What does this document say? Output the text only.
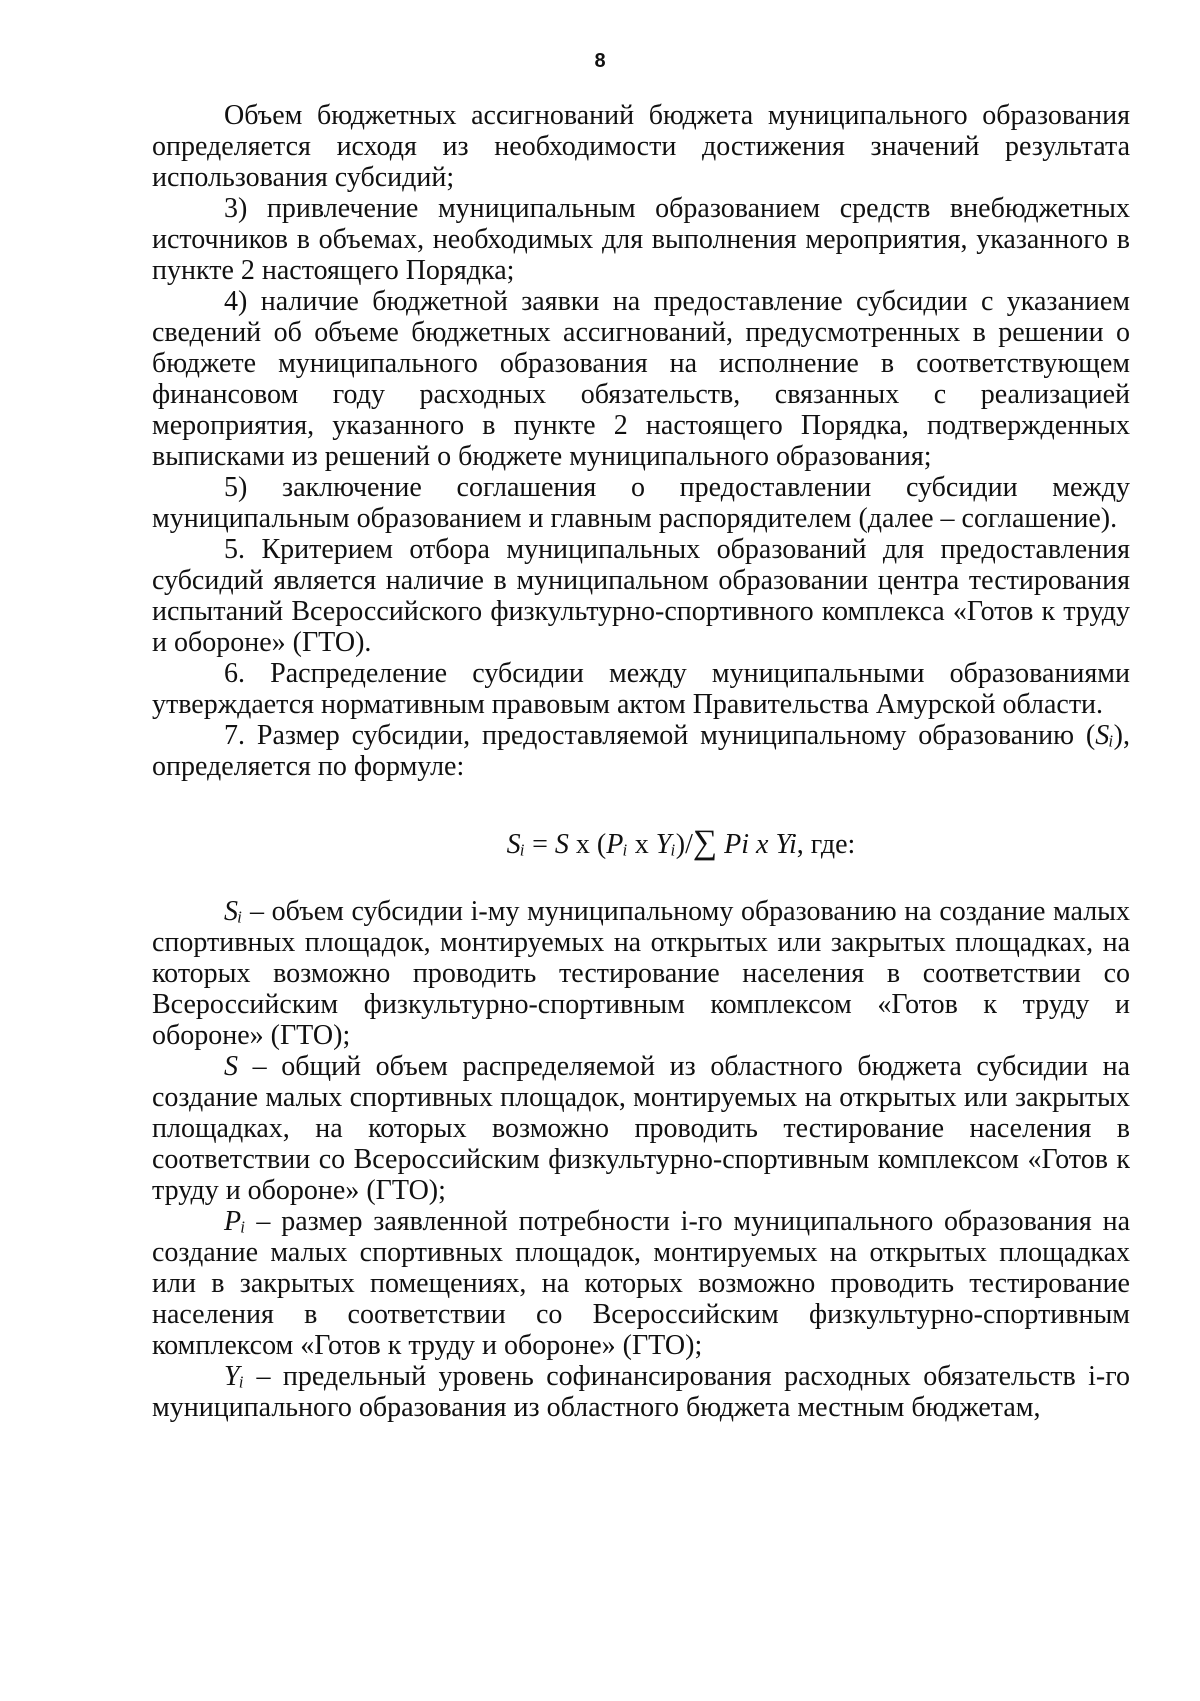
8

Объем бюджетных ассигнований бюджета муниципального образования определяется исходя из необходимости достижения значений результата использования субсидий;

3) привлечение муниципальным образованием средств внебюджетных источников в объемах, необходимых для выполнения мероприятия, указанного в пункте 2 настоящего Порядка;

4) наличие бюджетной заявки на предоставление субсидии с указанием сведений об объеме бюджетных ассигнований, предусмотренных в решении о бюджете муниципального образования на исполнение в соответствующем финансовом году расходных обязательств, связанных с реализацией мероприятия, указанного в пункте 2 настоящего Порядка, подтвержденных выписками из решений о бюджете муниципального образования;

5) заключение соглашения о предоставлении субсидии между муниципальным образованием и главным распорядителем (далее – соглашение).

5. Критерием отбора муниципальных образований для предоставления субсидий является наличие в муниципальном образовании центра тестирования испытаний Всероссийского физкультурно-спортивного комплекса «Готов к труду и обороне» (ГТО).

6. Распределение субсидии между муниципальными образованиями утверждается нормативным правовым актом Правительства Амурской области.

7. Размер субсидии, предоставляемой муниципальному образованию (Sᵢ), определяется по формуле:

Sᵢ = S x (Pᵢ x Yᵢ)/∑ Pi x Yi, где:

Sᵢ – объем субсидии i-му муниципальному образованию на создание малых спортивных площадок, монтируемых на открытых или закрытых площадках, на которых возможно проводить тестирование населения в соответствии со Всероссийским физкультурно-спортивным комплексом «Готов к труду и обороне» (ГТО);

S – общий объем распределяемой из областного бюджета субсидии на создание малых спортивных площадок, монтируемых на открытых или закрытых площадках, на которых возможно проводить тестирование населения в соответствии со Всероссийским физкультурно-спортивным комплексом «Готов к труду и обороне» (ГТО);

Pᵢ – размер заявленной потребности i-го муниципального образования на создание малых спортивных площадок, монтируемых на открытых площадках или в закрытых помещениях, на которых возможно проводить тестирование населения в соответствии со Всероссийским физкультурно-спортивным комплексом «Готов к труду и обороне» (ГТО);

Yᵢ – предельный уровень софинансирования расходных обязательств i-го муниципального образования из областного бюджета местным бюджетам,
